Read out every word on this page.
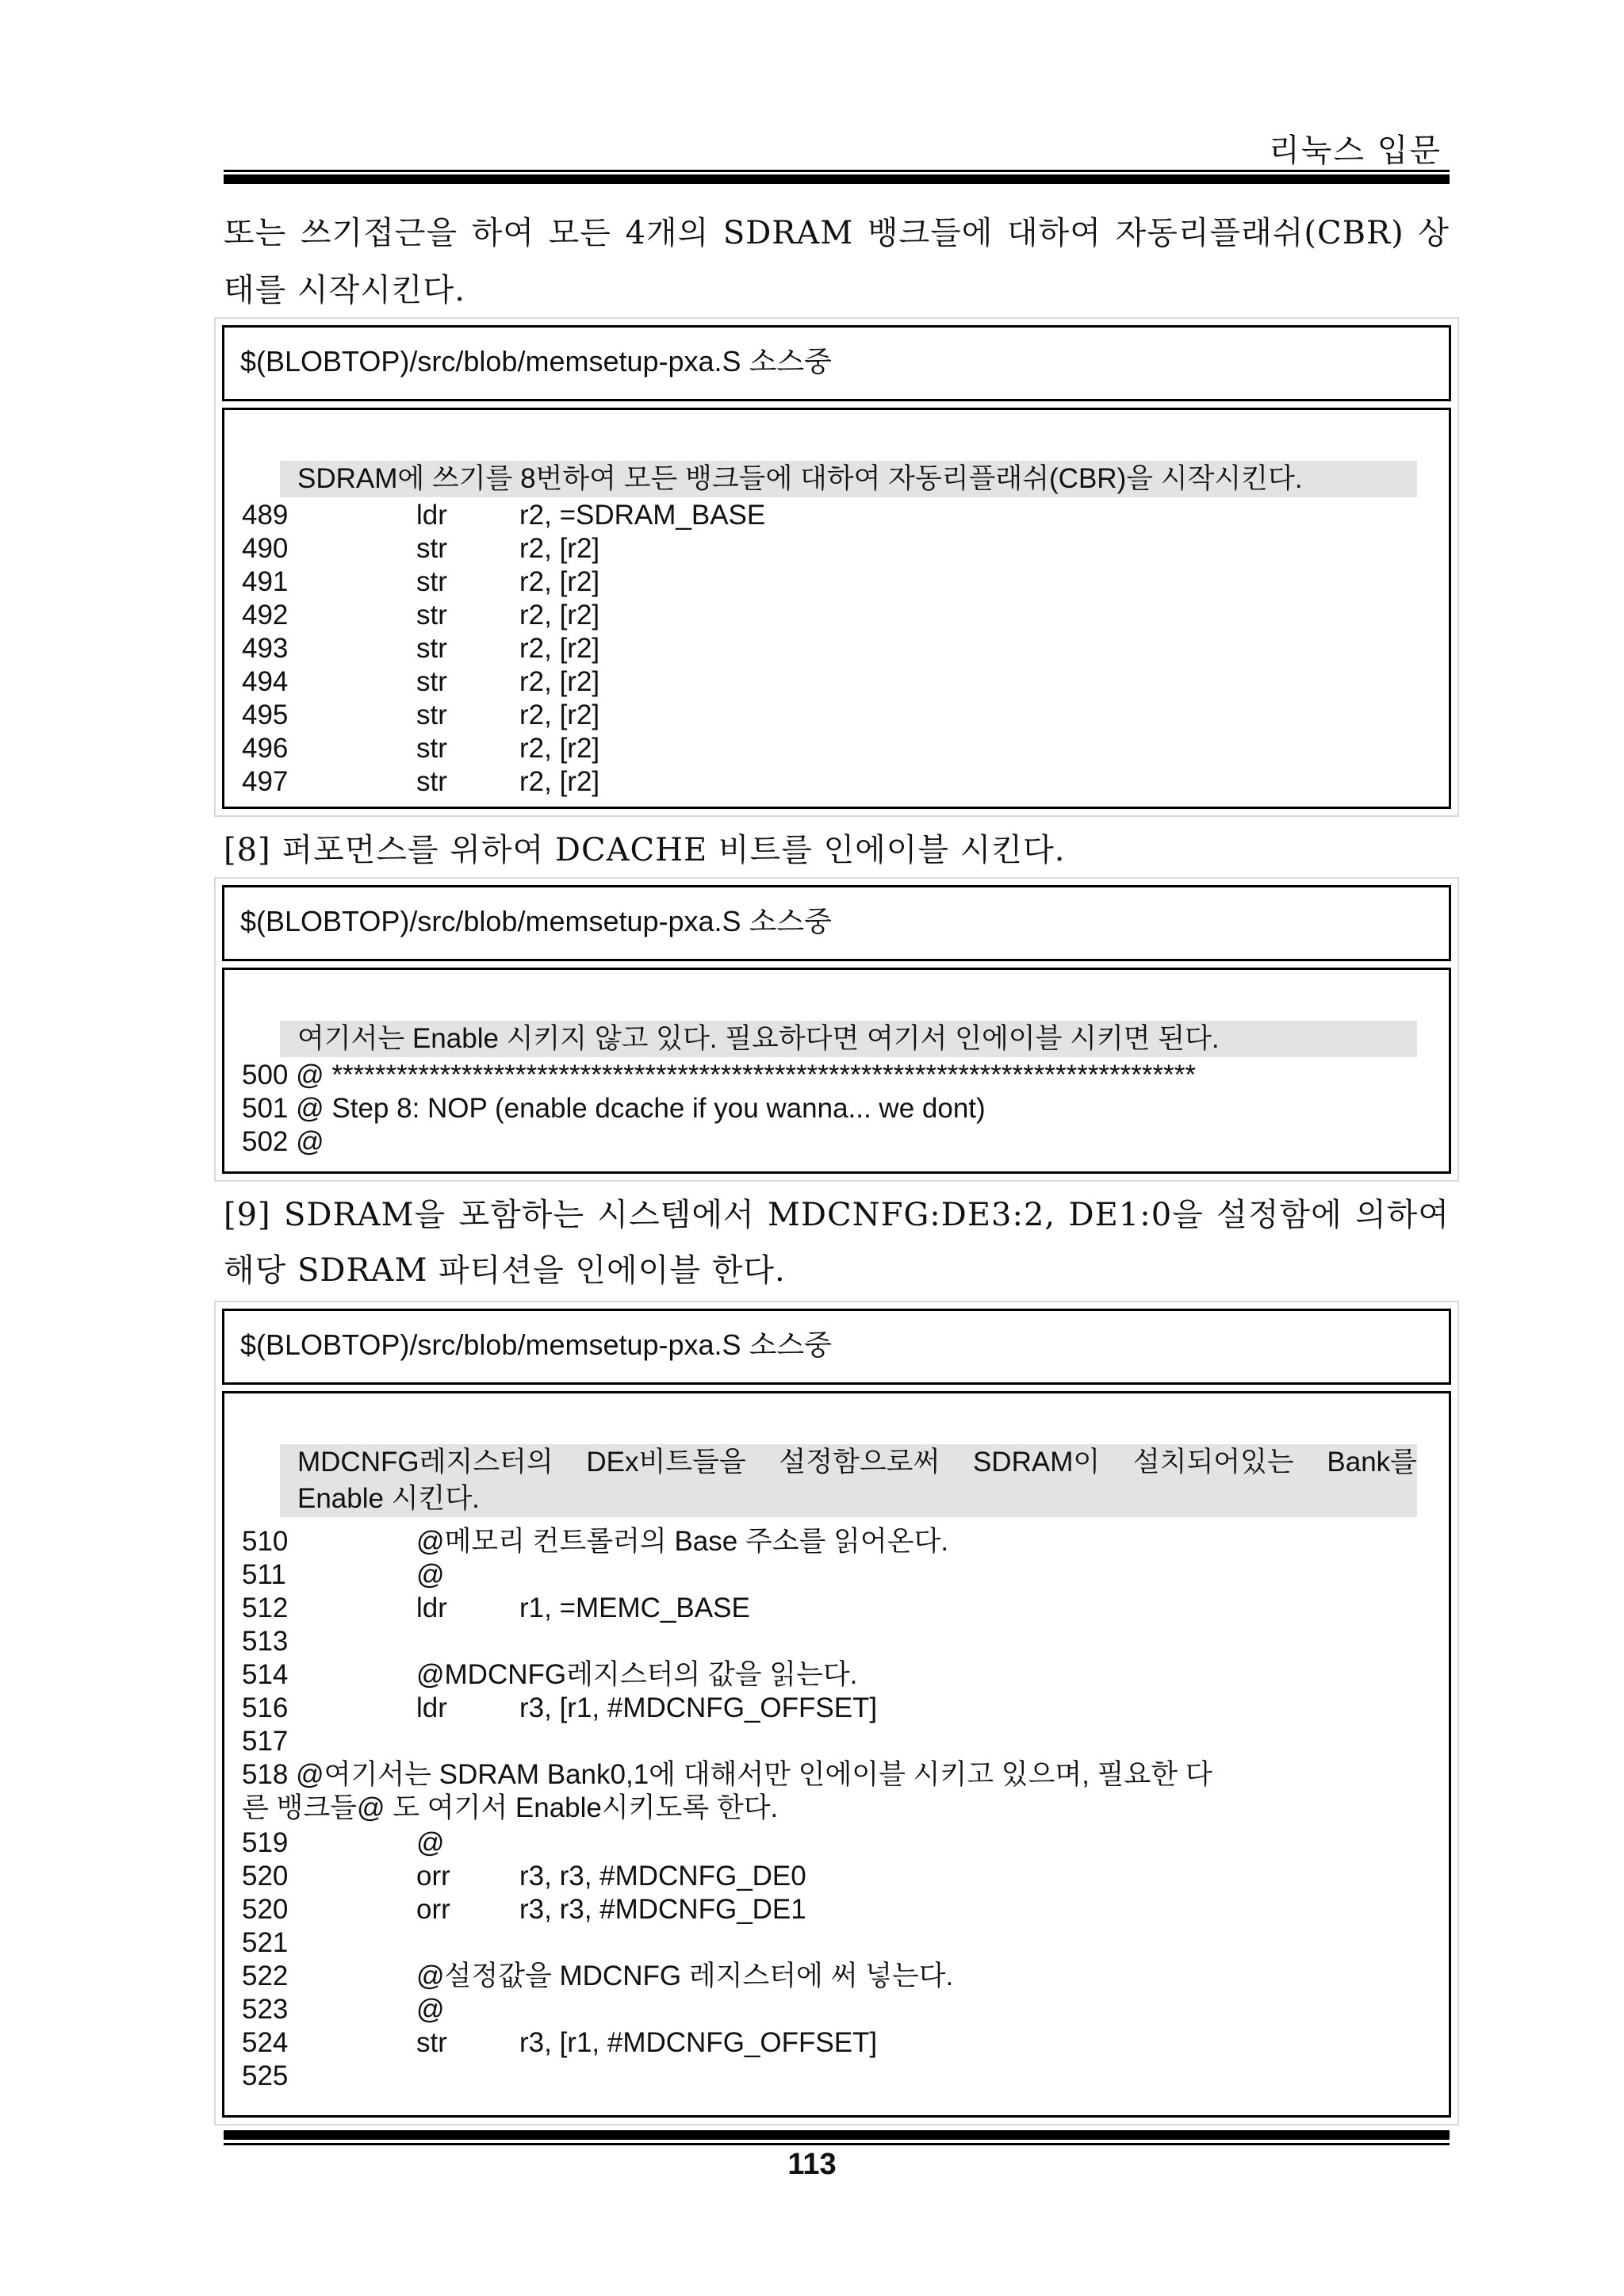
리눅스 입문
또는 쓰기접근을 하여 모든 4개의 SDRAM 뱅크들에 대하여 자동리플래쉬(CBR) 상
태를 시작시킨다.
$(BLOBTOP)/src/blob/memsetup-pxa.S 소스중
SDRAM에 쓰기를 8번하여 모든 뱅크들에 대하여 자동리플래쉬(CBR)을 시작시킨다.
489	ldr	r2, =SDRAM_BASE
490	str	r2, [r2]
491	str	r2, [r2]
492	str	r2, [r2]
493	str	r2, [r2]
494	str	r2, [r2]
495	str	r2, [r2]
496	str	r2, [r2]
497	str	r2, [r2]
[8] 퍼포먼스를 위하여 DCACHE 비트를 인에이블 시킨다.
$(BLOBTOP)/src/blob/memsetup-pxa.S 소스중
여기서는 Enable 시키지 않고 있다. 필요하다면 여기서 인에이블 시키면 된다.
500 @ ********************************************************************************
501 @ Step 8: NOP (enable dcache if you wanna... we dont)
502 @
[9] SDRAM을 포함하는 시스템에서 MDCNFG:DE3:2, DE1:0을 설정함에 의하여
해당 SDRAM 파티션을 인에이블 한다.
$(BLOBTOP)/src/blob/memsetup-pxa.S 소스중
MDCNFG레지스터의 DEx비트들을 설정함으로써 SDRAM이 설치되어있는 Bank를
Enable 시킨다.
510	@메모리 컨트롤러의 Base 주소를 읽어온다.
511	@
512	ldr	r1, =MEMC_BASE
513
514	@MDCNFG레지스터의 값을 읽는다.
516	ldr	r3, [r1, #MDCNFG_OFFSET]
517
518 @여기서는 SDRAM Bank0,1에 대해서만 인에이블 시키고 있으며, 필요한 다
른 뱅크들@ 도 여기서 Enable시키도록 한다.
519	@
520	orr r3, r3, #MDCNFG_DE0
520	orr r3, r3, #MDCNFG_DE1
521
522	@설정값을 MDCNFG 레지스터에 써 넣는다.
523	@
524	str	r3, [r1, #MDCNFG_OFFSET]
525
113
